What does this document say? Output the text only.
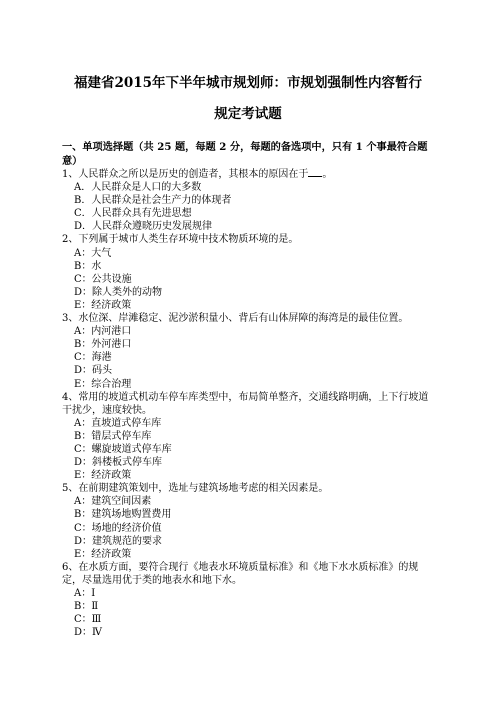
福建省2015年下半年城市规划师：市规划强制性内容暂行
规定考试题
一、单项选择题（共 25 题，每题 2 分，每题的备选项中，只有 1 个事最符合题意）

1、人民群众之所以是历史的创造者，其根本的原因在于 。

A．人民群众是人口的大多数

B．人民群众是社会生产力的体现者

C．人民群众具有先进思想

D．人民群众遵晓历史发展规律

2、下列属于城市人类生存环境中技术物质环境的是。

A：大气

B：水

C：公共设施

D：除人类外的动物

E：经济政策

3、水位深、岸滩稳定、泥沙淤积量小、背后有山体屏障的海湾是的最佳位置。

A：内河港口

B：外河港口

C：海港

D：码头

E：综合治理

4、常用的坡道式机动车停车库类型中，布局简单整齐，交通线路明确，上下行坡道干扰少，速度较快。

A：直坡道式停车库

B：错层式停车库

C：螺旋坡道式停车库

D：斜楼板式停车库

E：经济政策

5、在前期建筑策划中，选址与建筑场地考虑的相关因素是。

A：建筑空间因素

B：建筑场地购置费用

C：场地的经济价值

D：建筑规范的要求

E：经济政策

6、在水质方面，要符合现行《地表水环境质量标准》和《地下水水质标准》的规定，尽量选用优于类的地表水和地下水。

A：Ⅰ

B：Ⅱ

C：Ⅲ

D：Ⅳ
